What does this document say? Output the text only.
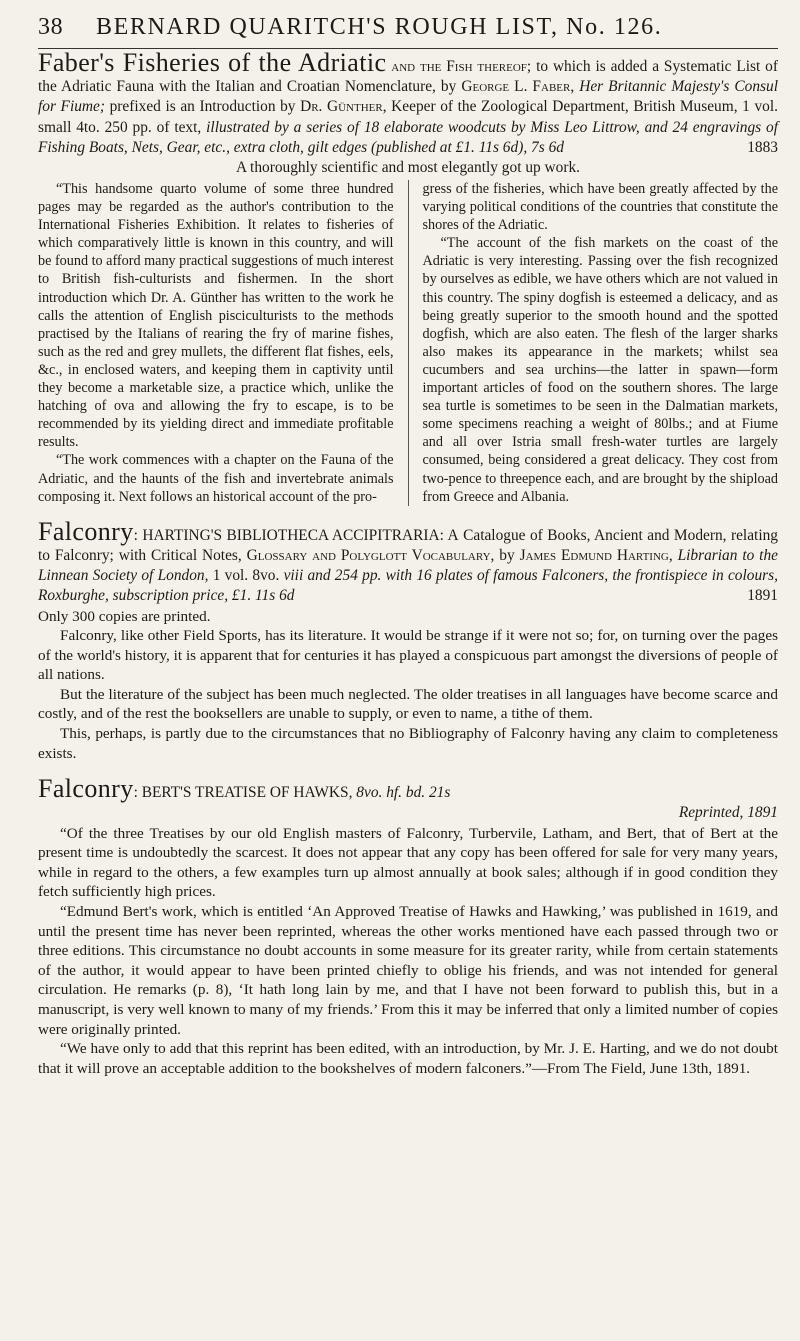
38	BERNARD QUARITCH'S ROUGH LIST, No. 126.

Faber's Fisheries of the Adriatic and the Fish thereof; to which is added a Systematic List of the Adriatic Fauna with the Italian and Croatian Nomenclature, by George L. Faber, Her Britannic Majesty's Consul for Fiume; prefixed is an Introduction by Dr. Günther, Keeper of the Zoological Department, British Museum, 1 vol. small 4to. 250 pp. of text, illustrated by a series of 18 elaborate woodcuts by Miss Leo Littrow, and 24 engravings of Fishing Boats, Nets, Gear, etc., extra cloth, gilt edges (published at £1. 11s 6d), 7s 6d	1883

A thoroughly scientific and most elegantly got up work.

“This handsome quarto volume of some three hundred pages may be regarded as the author's contribution to the International Fisheries Exhibition. It relates to fisheries of which comparatively little is known in this country, and will be found to afford many practical suggestions of much interest to British fish-culturists and fishermen. In the short introduction which Dr. A. Günther has written to the work he calls the attention of English pisciculturists to the methods practised by the Italians of rearing the fry of marine fishes, such as the red and grey mullets, the different flat fishes, eels, &c., in enclosed waters, and keeping them in captivity until they become a marketable size, a practice which, unlike the hatching of ova and allowing the fry to escape, is to be recommended by its yielding direct and immediate profitable results.

“The work commences with a chapter on the Fauna of the Adriatic, and the haunts of the fish and invertebrate animals composing it. Next follows an historical account of the pro-

gress of the fisheries, which have been greatly affected by the varying political conditions of the countries that constitute the shores of the Adriatic.

“The account of the fish markets on the coast of the Adriatic is very interesting. Passing over the fish recognized by ourselves as edible, we have others which are not valued in this country. The spiny dogfish is esteemed a delicacy, and as being greatly superior to the smooth hound and the spotted dogfish, which are also eaten. The flesh of the larger sharks also makes its appearance in the markets; whilst sea cucumbers and sea urchins—the latter in spawn—form important articles of food on the southern shores. The large sea turtle is sometimes to be seen in the Dalmatian markets, some specimens reaching a weight of 80lbs.; and at Fiume and all over Istria small fresh-water turtles are largely consumed, being considered a great delicacy. They cost from two-pence to threepence each, and are brought by the shipload from Greece and Albania.

Falconry: HARTING'S BIBLIOTHECA ACCIPITRARIA: A Catalogue of Books, Ancient and Modern, relating to Falconry; with Critical Notes, Glossary and Polyglott Vocabulary, by James Edmund Harting, Librarian to the Linnean Society of London, 1 vol. 8vo. viii and 254 pp. with 16 plates of famous Falconers, the frontispiece in colours, Roxburghe, subscription price, £1. 11s 6d	1891

Only 300 copies are printed.

Falconry, like other Field Sports, has its literature. It would be strange if it were not so; for, on turning over the pages of the world's history, it is apparent that for centuries it has played a conspicuous part amongst the diversions of people of all nations.

But the literature of the subject has been much neglected. The older treatises in all languages have become scarce and costly, and of the rest the booksellers are unable to supply, or even to name, a tithe of them.

This, perhaps, is partly due to the circumstances that no Bibliography of Falconry having any claim to completeness exists.

Falconry: BERT'S TREATISE OF HAWKS, 8vo. hf. bd. 21s

Reprinted, 1891

“Of the three Treatises by our old English masters of Falconry, Turbervile, Latham, and Bert, that of Bert at the present time is undoubtedly the scarcest. It does not appear that any copy has been offered for sale for very many years, while in regard to the others, a few examples turn up almost annually at book sales; although if in good condition they fetch sufficiently high prices.

“Edmund Bert's work, which is entitled ‘An Approved Treatise of Hawks and Hawking,’ was published in 1619, and until the present time has never been reprinted, whereas the other works mentioned have each passed through two or three editions. This circumstance no doubt accounts in some measure for its greater rarity, while from certain statements of the author, it would appear to have been printed chiefly to oblige his friends, and was not intended for general circulation. He remarks (p. 8), ‘It hath long lain by me, and that I have not been forward to publish this, but in a manuscript, is very well known to many of my friends.’ From this it may be inferred that only a limited number of copies were originally printed.

“We have only to add that this reprint has been edited, with an introduction, by Mr. J. E. Harting, and we do not doubt that it will prove an acceptable addition to the bookshelves of modern falconers.”—From The Field, June 13th, 1891.
